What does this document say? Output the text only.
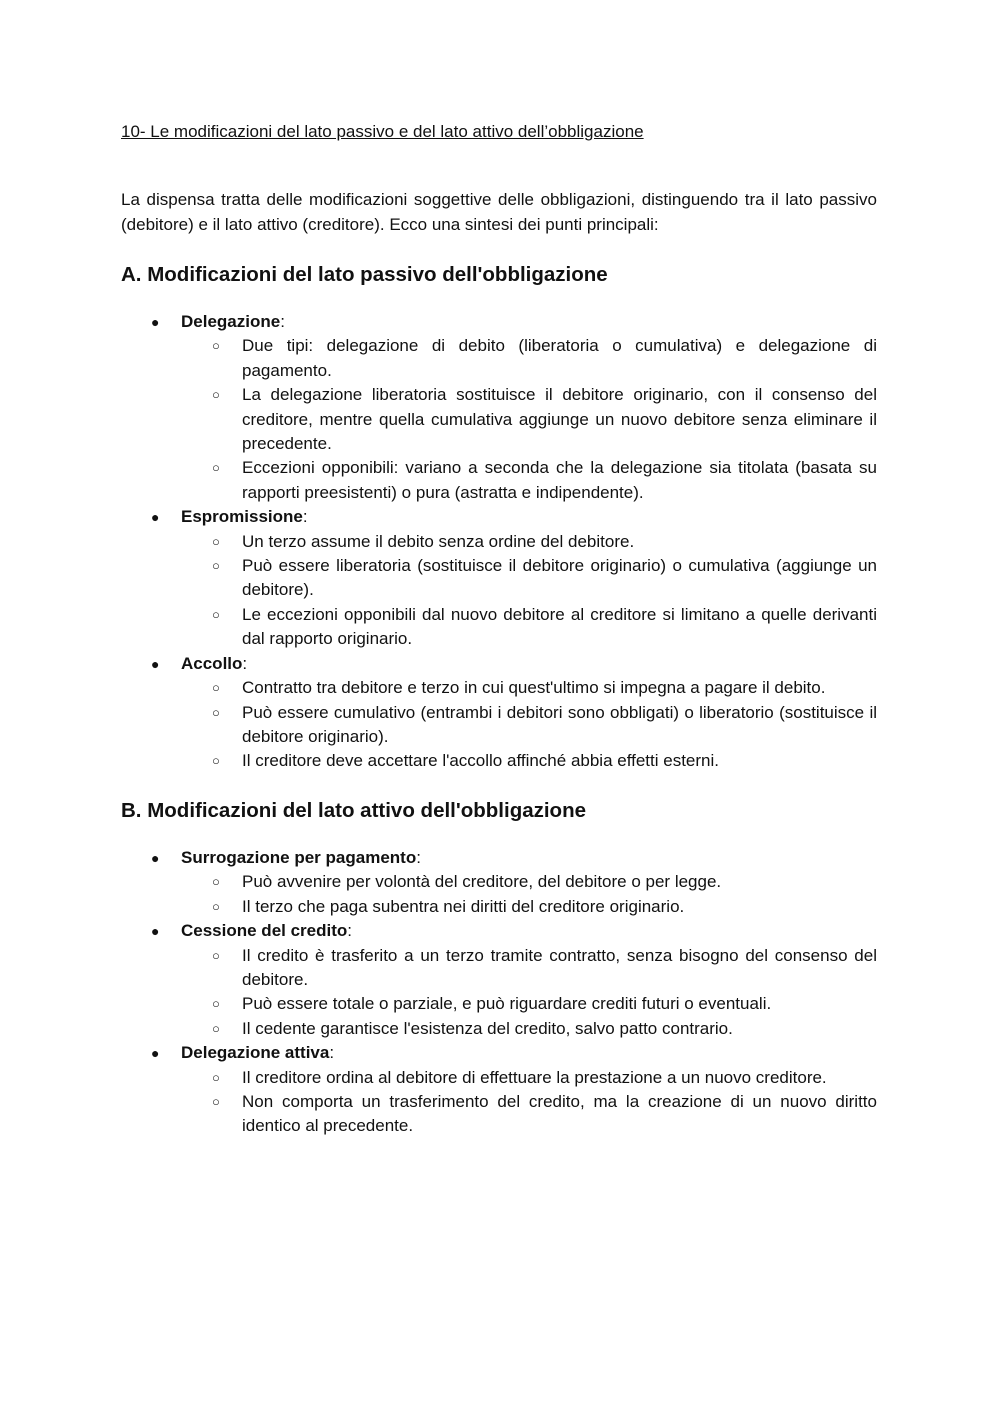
10- Le modificazioni del lato passivo e del lato attivo dell’obbligazione

La dispensa tratta delle modificazioni soggettive delle obbligazioni, distinguendo tra il lato passivo (debitore) e il lato attivo (creditore). Ecco una sintesi dei punti principali:

A. Modificazioni del lato passivo dell'obbligazione
● Delegazione:
○ Due tipi: delegazione di debito (liberatoria o cumulativa) e delegazione di pagamento.
○ La delegazione liberatoria sostituisce il debitore originario, con il consenso del creditore, mentre quella cumulativa aggiunge un nuovo debitore senza eliminare il precedente.
○ Eccezioni opponibili: variano a seconda che la delegazione sia titolata (basata su rapporti preesistenti) o pura (astratta e indipendente).
● Espromissione:
○ Un terzo assume il debito senza ordine del debitore.
○ Può essere liberatoria (sostituisce il debitore originario) o cumulativa (aggiunge un debitore).
○ Le eccezioni opponibili dal nuovo debitore al creditore si limitano a quelle derivanti dal rapporto originario.
● Accollo:
○ Contratto tra debitore e terzo in cui quest'ultimo si impegna a pagare il debito.
○ Può essere cumulativo (entrambi i debitori sono obbligati) o liberatorio (sostituisce il debitore originario).
○ Il creditore deve accettare l'accollo affinché abbia effetti esterni.
B. Modificazioni del lato attivo dell'obbligazione
● Surrogazione per pagamento:
○ Può avvenire per volontà del creditore, del debitore o per legge.
○ Il terzo che paga subentra nei diritti del creditore originario.
● Cessione del credito:
○ Il credito è trasferito a un terzo tramite contratto, senza bisogno del consenso del debitore.
○ Può essere totale o parziale, e può riguardare crediti futuri o eventuali.
○ Il cedente garantisce l'esistenza del credito, salvo patto contrario.
● Delegazione attiva:
○ Il creditore ordina al debitore di effettuare la prestazione a un nuovo creditore.
○ Non comporta un trasferimento del credito, ma la creazione di un nuovo diritto identico al precedente.
